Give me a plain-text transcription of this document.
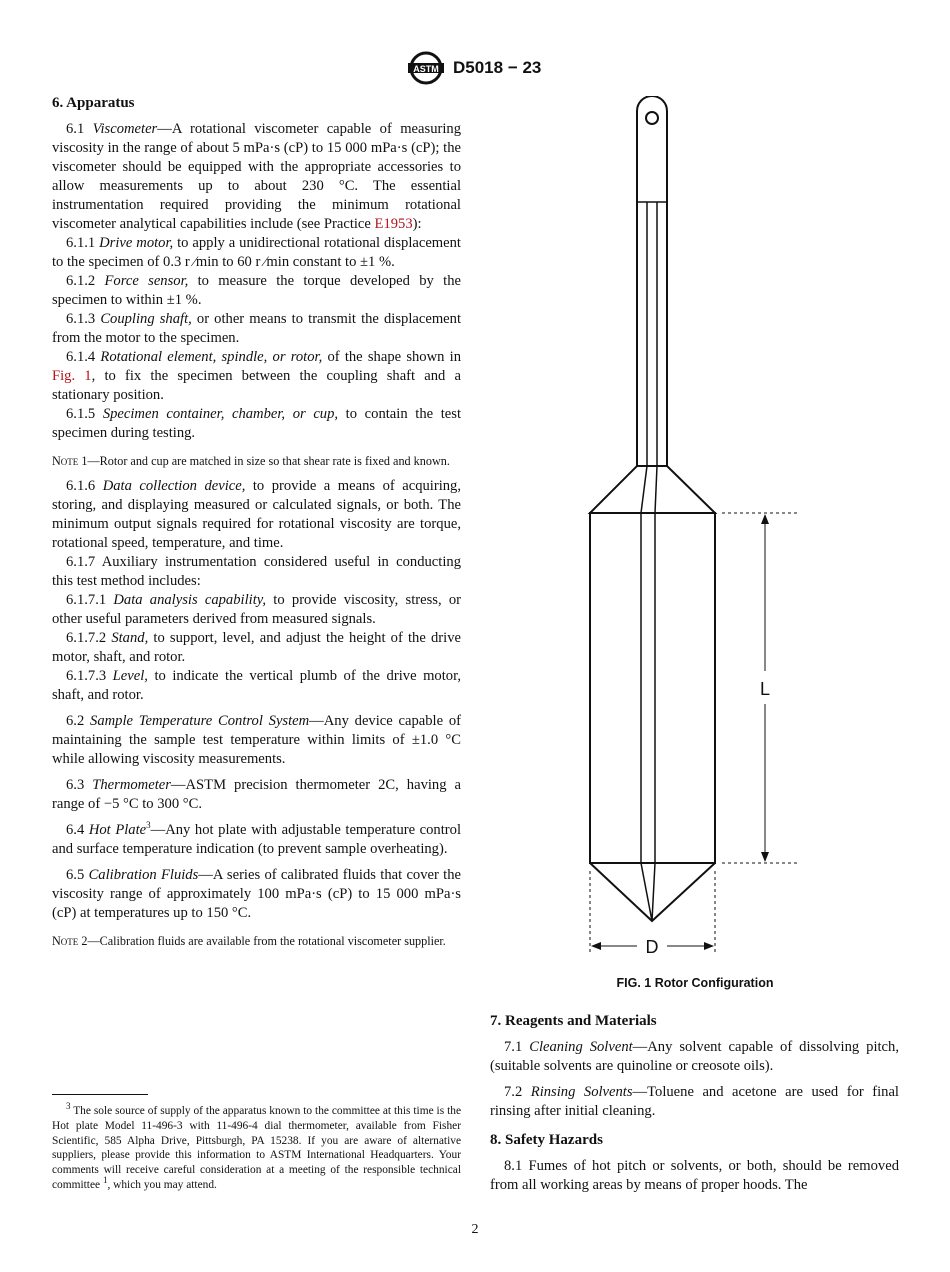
ASTM D5018 − 23
6. Apparatus

6.1 Viscometer—A rotational viscometer capable of measuring viscosity in the range of about 5 mPa·s (cP) to 15 000 mPa·s (cP); the viscometer should be equipped with the appropriate accessories to allow measurements up to about 230 °C. The essential instrumentation required providing the minimum rotational viscometer analytical capabilities include (see Practice E1953):

6.1.1 Drive motor, to apply a unidirectional rotational displacement to the specimen of 0.3 r ⁄min to 60 r ⁄min constant to ±1 %.

6.1.2 Force sensor, to measure the torque developed by the specimen to within ±1 %.

6.1.3 Coupling shaft, or other means to transmit the displacement from the motor to the specimen.

6.1.4 Rotational element, spindle, or rotor, of the shape shown in Fig. 1, to fix the specimen between the coupling shaft and a stationary position.

6.1.5 Specimen container, chamber, or cup, to contain the test specimen during testing.

Note 1—Rotor and cup are matched in size so that shear rate is fixed and known.

6.1.6 Data collection device, to provide a means of acquiring, storing, and displaying measured or calculated signals, or both. The minimum output signals required for rotational viscosity are torque, rotational speed, temperature, and time.

6.1.7 Auxiliary instrumentation considered useful in conducting this test method includes:

6.1.7.1 Data analysis capability, to provide viscosity, stress, or other useful parameters derived from measured signals.

6.1.7.2 Stand, to support, level, and adjust the height of the drive motor, shaft, and rotor.

6.1.7.3 Level, to indicate the vertical plumb of the drive motor, shaft, and rotor.

6.2 Sample Temperature Control System—Any device capable of maintaining the sample test temperature within limits of ±1.0 °C while allowing viscosity measurements.

6.3 Thermometer—ASTM precision thermometer 2C, having a range of −5 °C to 300 °C.

6.4 Hot Plate$^3$—Any hot plate with adjustable temperature control and surface temperature indication (to prevent sample overheating).

6.5 Calibration Fluids—A series of calibrated fluids that cover the viscosity range of approximately 100 mPa·s (cP) to 15 000 mPa·s (cP) at temperatures up to 150 °C.

Note 2—Calibration fluids are available from the rotational viscometer supplier.

$^3$ The sole source of supply of the apparatus known to the committee at this time is the Hot plate Model 11-496-3 with 11-496-4 dial thermometer, available from Fisher Scientific, 585 Alpha Drive, Pittsburgh, PA 15238. If you are aware of alternative suppliers, please provide this information to ASTM International Headquarters. Your comments will receive careful consideration at a meeting of the responsible technical committee $^1$, which you may attend.

L
D
FIG. 1 Rotor Configuration
7. Reagents and Materials

7.1 Cleaning Solvent—Any solvent capable of dissolving pitch, (suitable solvents are quinoline or creosote oils).

7.2 Rinsing Solvents—Toluene and acetone are used for final rinsing after initial cleaning.

8. Safety Hazards

8.1 Fumes of hot pitch or solvents, or both, should be removed from all working areas by means of proper hoods. The

2
